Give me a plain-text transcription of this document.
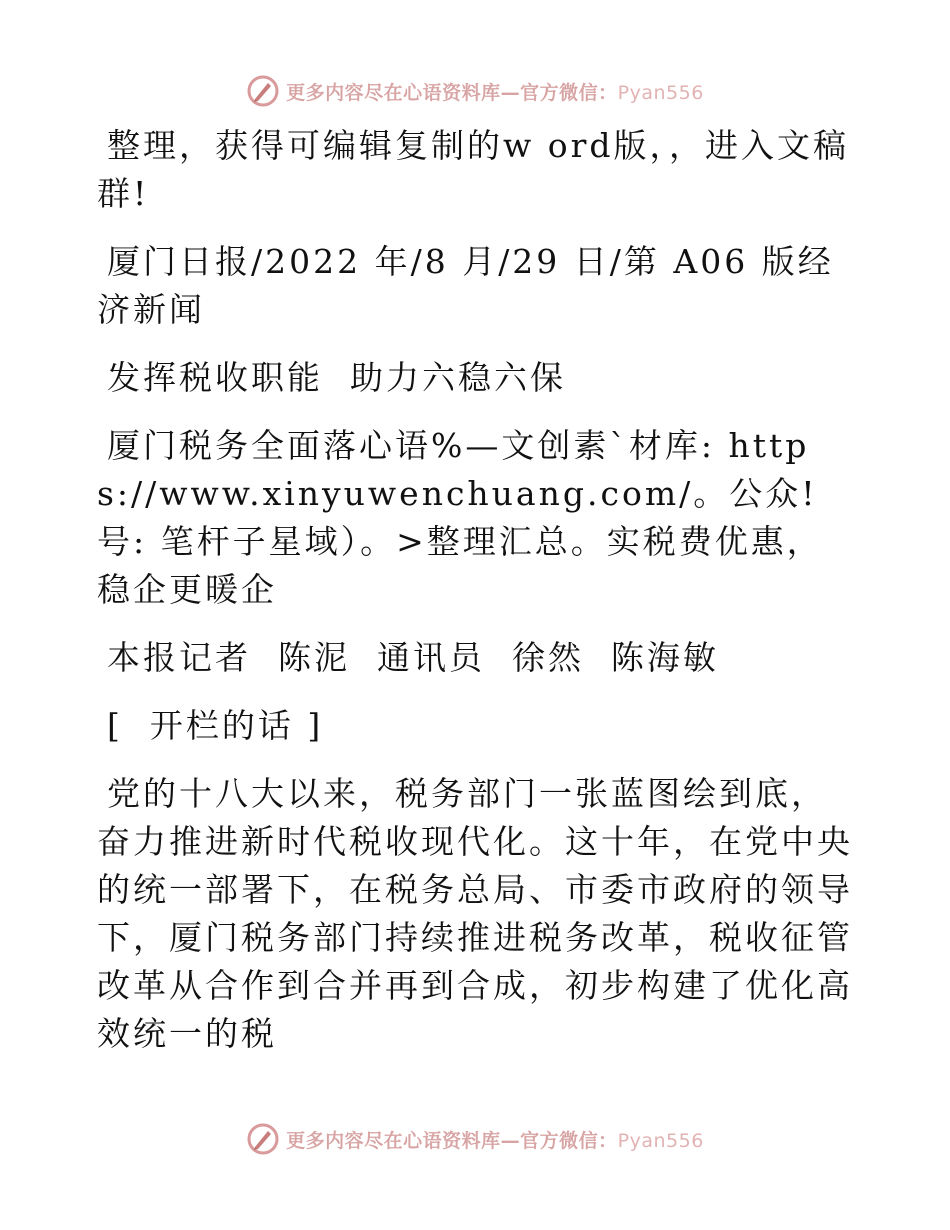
更多内容尽在心语资料库—官方微信：Pyan556

整理，获得可编辑复制的w ord版，，进入文稿群!

厦门日报/2022 年/8 月/29 日/第 A06 版经济新闻

发挥税收职能  助力六稳六保

厦门税务全面落心语%—文创素`材库: https://www.xinyuwenchuang.com/。公众! 号: 笔杆子星域）。>整理汇总。实税费优惠，稳企更暖企

本报记者  陈泥  通讯员  徐然  陈海敏

[  开栏的话 ]

党的十八大以来，税务部门一张蓝图绘到底，奋力推进新时代税收现代化。这十年，在党中央的统一部署下，在税务总局、市委市政府的领导下，厦门税务部门持续推进税务改革，税收征管改革从合作到合并再到合成，初步构建了优化高效统一的税

更多内容尽在心语资料库—官方微信：Pyan556
